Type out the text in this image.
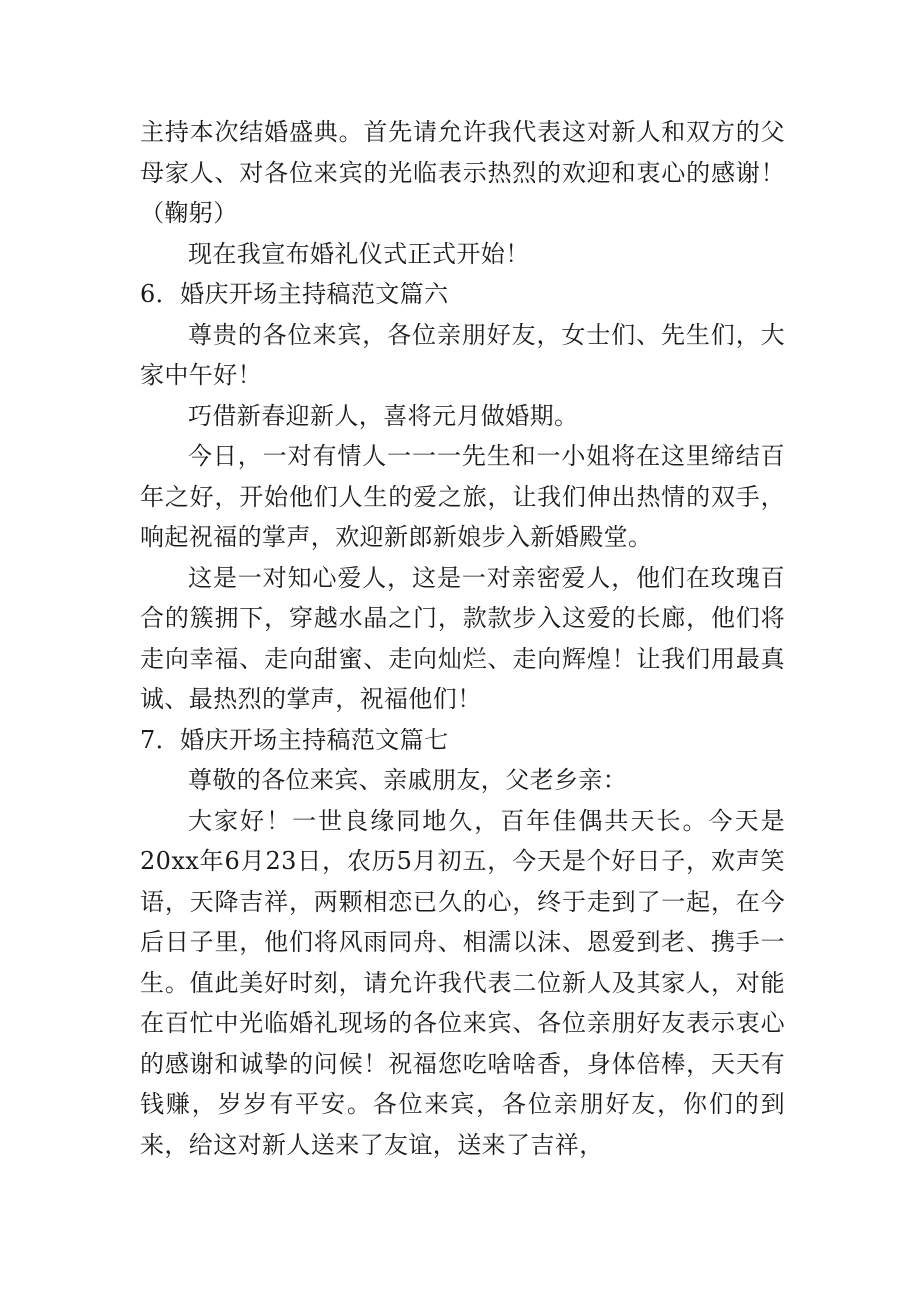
主持本次结婚盛典。首先请允许我代表这对新人和双方的父母家人、对各位来宾的光临表示热烈的欢迎和衷心的感谢！（鞠躬）

现在我宣布婚礼仪式正式开始！

6．婚庆开场主持稿范文篇六

尊贵的各位来宾，各位亲朋好友，女士们、先生们，大家中午好！

巧借新春迎新人，喜将元月做婚期。

今日，一对有情人一一一先生和一小姐将在这里缔结百年之好，开始他们人生的爱之旅，让我们伸出热情的双手，响起祝福的掌声，欢迎新郎新娘步入新婚殿堂。

这是一对知心爱人，这是一对亲密爱人，他们在玫瑰百合的簇拥下，穿越水晶之门，款款步入这爱的长廊，他们将走向幸福、走向甜蜜、走向灿烂、走向辉煌！让我们用最真诚、最热烈的掌声，祝福他们！

7．婚庆开场主持稿范文篇七

尊敬的各位来宾、亲戚朋友，父老乡亲：

大家好！一世良缘同地久，百年佳偶共天长。今天是20xx年6月23日，农历5月初五，今天是个好日子，欢声笑语，天降吉祥，两颗相恋已久的心，终于走到了一起，在今后日子里，他们将风雨同舟、相濡以沫、恩爱到老、携手一生。值此美好时刻，请允许我代表二位新人及其家人，对能在百忙中光临婚礼现场的各位来宾、各位亲朋好友表示衷心的感谢和诚挚的问候！祝福您吃啥啥香，身体倍棒，天天有钱赚，岁岁有平安。各位来宾，各位亲朋好友，你们的到来，给这对新人送来了友谊，送来了吉祥，
